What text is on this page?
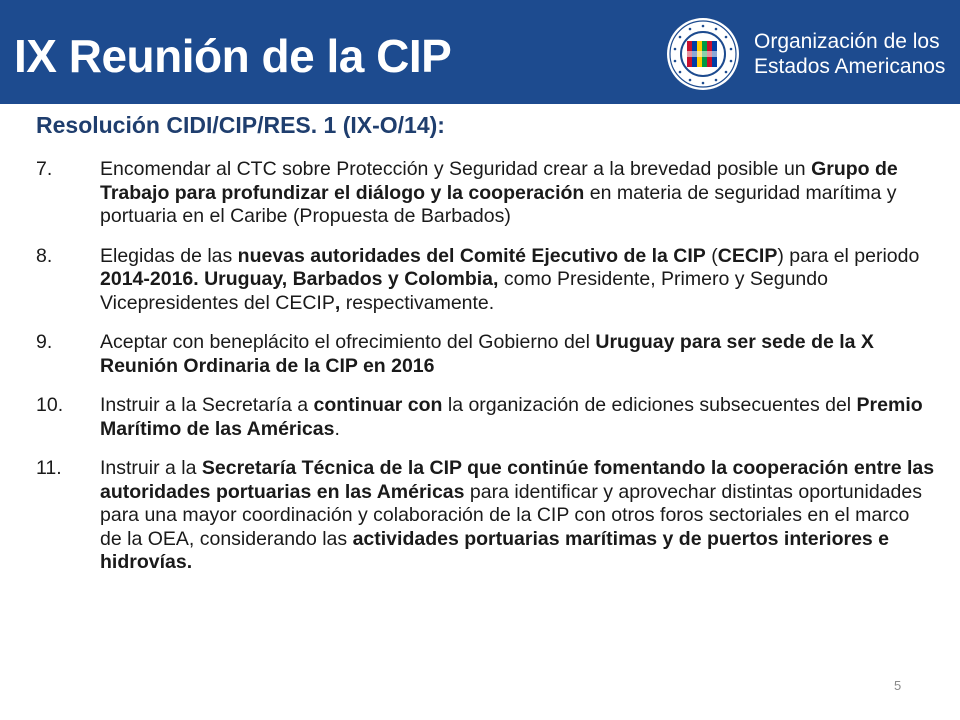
IX Reunión de la CIP	Organización de los
Estados Americanos
Resolución CIDI/CIP/RES. 1 (IX-O/14):
7.	Encomendar al CTC sobre Protección y Seguridad crear a la brevedad posible un Grupo de Trabajo para profundizar el diálogo y la cooperación en materia de seguridad marítima y portuaria en el Caribe (Propuesta de Barbados)
8.	Elegidas de las nuevas autoridades del Comité Ejecutivo de la CIP (CECIP) para el periodo 2014-2016. Uruguay, Barbados y Colombia, como Presidente, Primero y Segundo Vicepresidentes del CECIP, respectivamente.
9.	Aceptar con beneplácito el ofrecimiento del Gobierno del Uruguay para ser sede de la X Reunión Ordinaria de la CIP en 2016
10.	Instruir a la Secretaría a continuar con la organización de ediciones subsecuentes del Premio Marítimo de las Américas.
11.	Instruir a la Secretaría Técnica de la CIP que continúe fomentando la cooperación entre las autoridades portuarias en las Américas para identificar y aprovechar distintas oportunidades para una mayor coordinación y colaboración de la CIP con otros foros sectoriales en el marco de la OEA, considerando las actividades portuarias marítimas y de puertos interiores e hidrovías.
5
